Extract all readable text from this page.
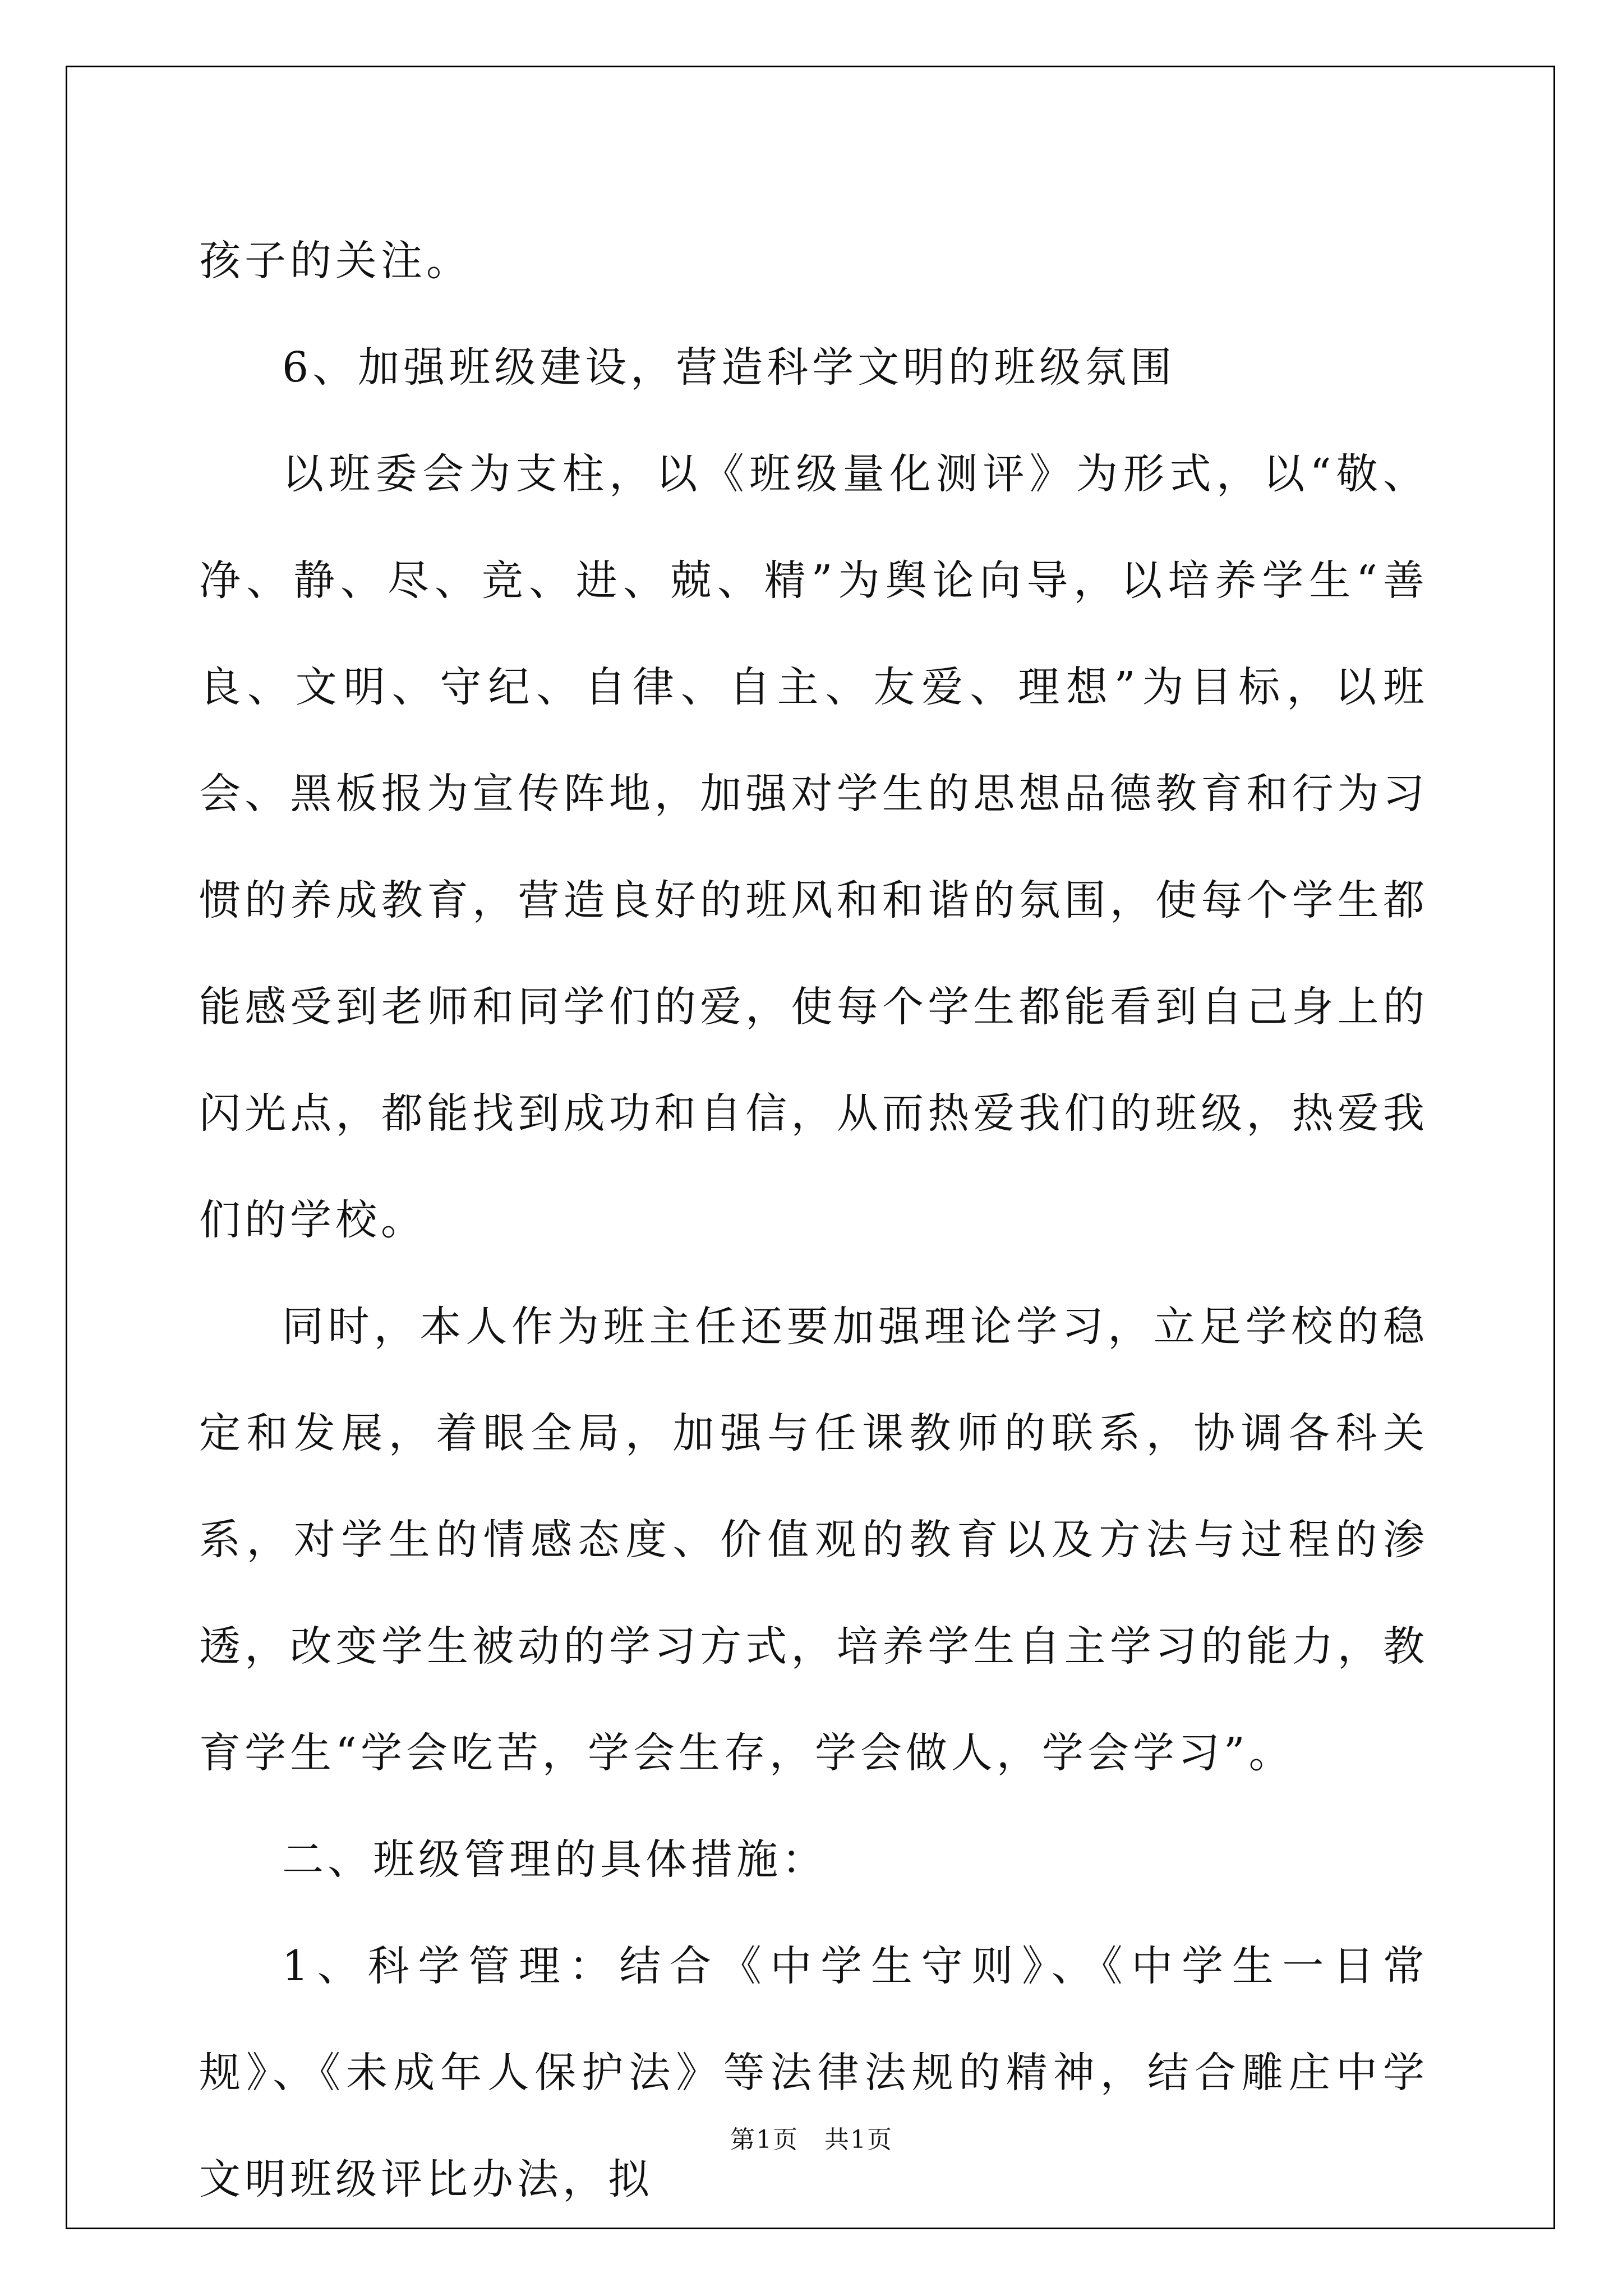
孩子的关注。

6、加强班级建设，营造科学文明的班级氛围

以班委会为支柱，以《班级量化测评》为形式，以“敬、净、静、尽、竞、进、兢、精”为舆论向导，以培养学生“善良、文明、守纪、自律、自主、友爱、理想”为目标，以班会、黑板报为宣传阵地，加强对学生的思想品德教育和行为习惯的养成教育，营造良好的班风和和谐的氛围，使每个学生都能感受到老师和同学们的爱，使每个学生都能看到自己身上的闪光点，都能找到成功和自信，从而热爱我们的班级，热爱我们的学校。

同时，本人作为班主任还要加强理论学习，立足学校的稳定和发展，着眼全局，加强与任课教师的联系，协调各科关系，对学生的情感态度、价值观的教育以及方法与过程的渗透，改变学生被动的学习方式，培养学生自主学习的能力，教育学生“学会吃苦，学会生存，学会做人，学会学习”。

二、班级管理的具体措施：

1、科学管理：结合《中学生守则》、《中学生一日常规》、《未成年人保护法》等法律法规的精神，结合雕庄中学文明班级评比办法，拟

第1页　共1页
